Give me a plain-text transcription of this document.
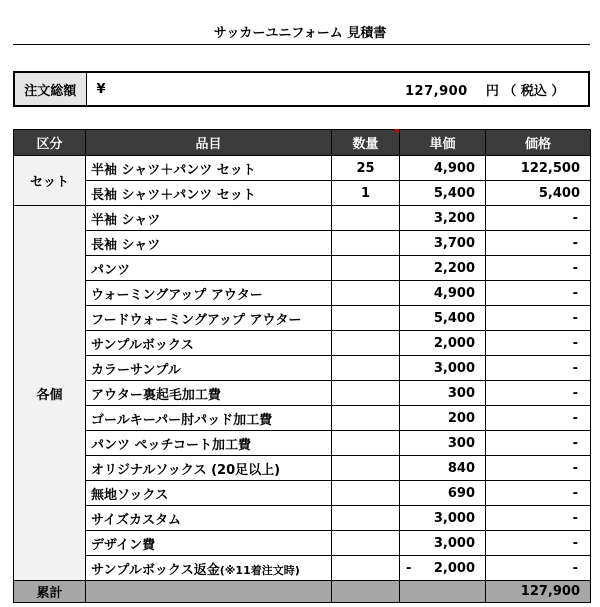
サッカーユニフォーム 見積書
注文総額	¥	127,900 円 （ 税込 ）
区分	品目	数量	単価	価格
セット	半袖 シャツ＋パンツ セット	25	4,900	122,500
	長袖 シャツ＋パンツ セット	1	5,400	5,400
各個	半袖 シャツ		3,200	-
	長袖 シャツ		3,700	-
	パンツ		2,200	-
	ウォーミングアップ アウター		4,900	-
	フードウォーミングアップ アウター		5,400	-
	サンプルボックス		2,000	-
	カラーサンプル		3,000	-
	アウター裏起毛加工費		300	-
	ゴールキーパー肘パッド加工費		200	-
	パンツ ペッチコート加工費		300	-
	オリジナルソックス (20足以上)		840	-
	無地ソックス		690	-
	サイズカスタム		3,000	-
	デザイン費		3,000	-
	サンプルボックス返金(※11着注文時)		- 2,000	-
累計				127,900
